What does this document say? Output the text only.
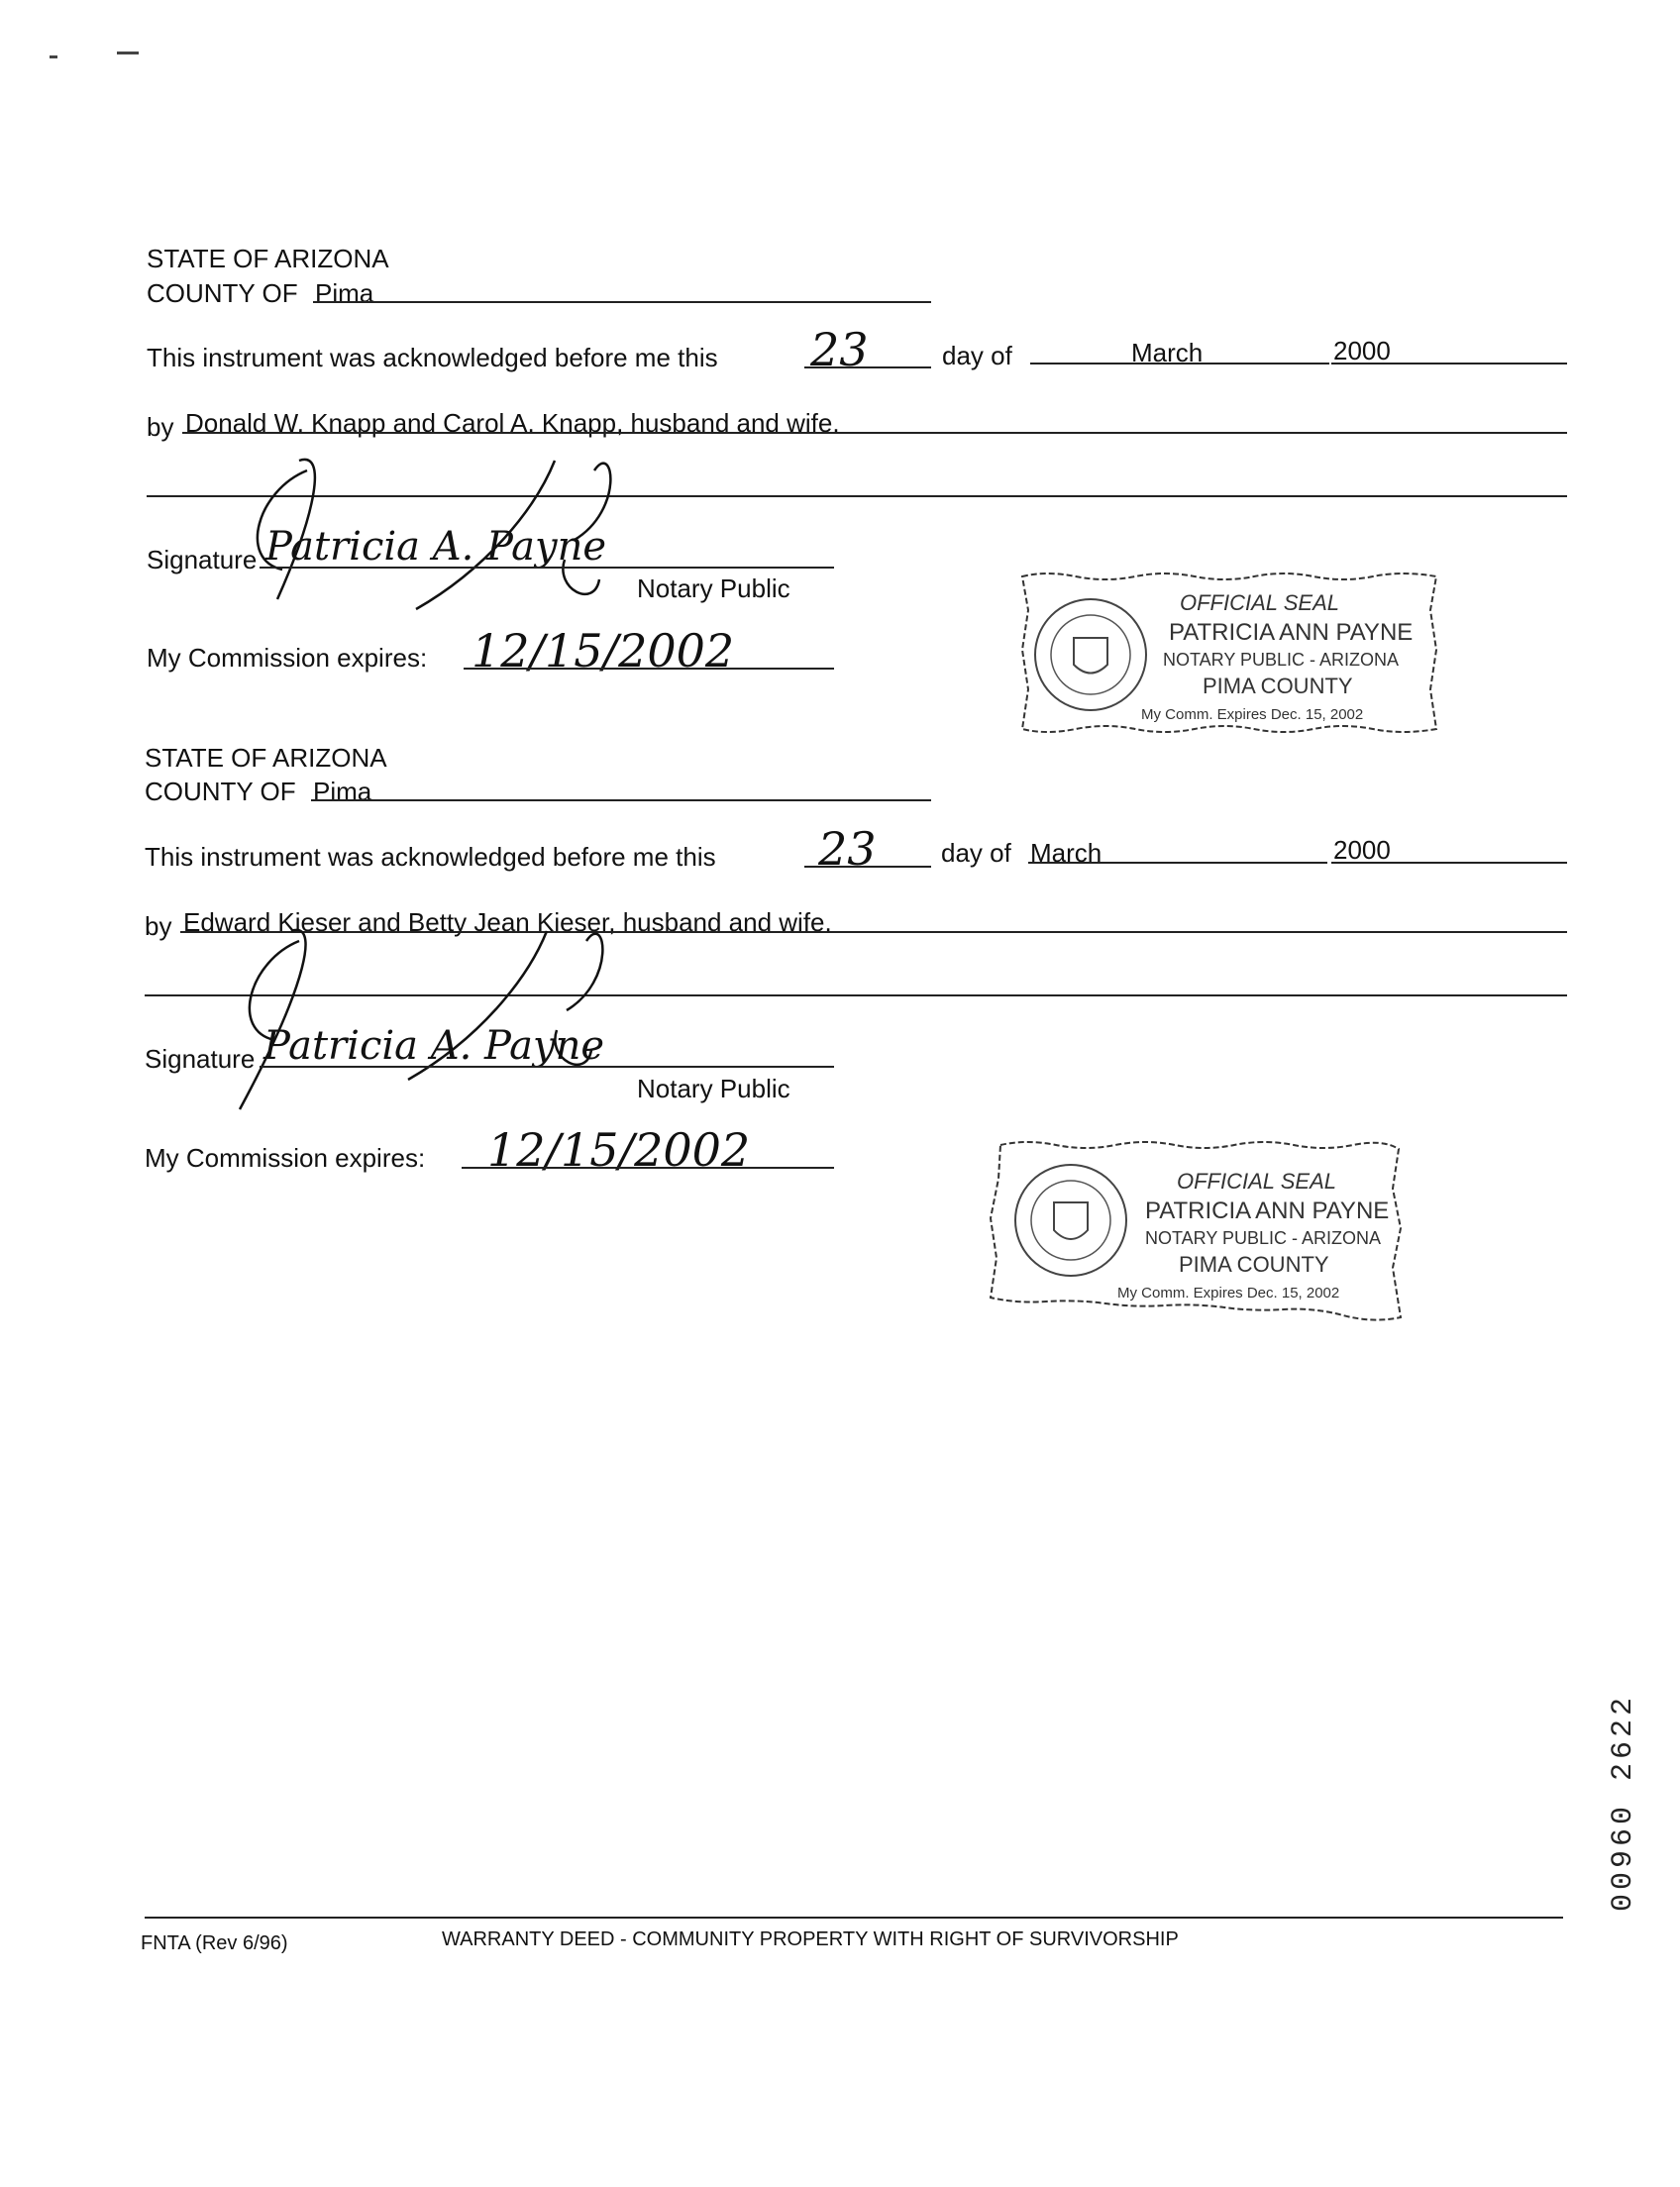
STATE OF ARIZONA
COUNTY OF Pima
This instrument was acknowledged before me this 23	day of	March	2000
by Donald W. Knapp and Carol A. Knapp, husband and wife.
Signature Patricia A. Payne
Notary Public
My Commission expires: 12/15/2002
OFFICIAL SEAL
PATRICIA ANN PAYNE
NOTARY PUBLIC - ARIZONA
PIMA COUNTY
My Comm. Expires Dec. 15, 2002
STATE OF ARIZONA
COUNTY OF Pima
This instrument was acknowledged before me this 23	day of March	2000
by Edward Kieser and Betty Jean Kieser, husband and wife.
Signature Patricia A. Payne
Notary Public
My Commission expires: 12/15/2002
OFFICIAL SEAL
PATRICIA ANN PAYNE
NOTARY PUBLIC - ARIZONA
PIMA COUNTY
My Comm. Expires Dec. 15, 2002
00960 2622
FNTA (Rev 6/96)	WARRANTY DEED - COMMUNITY PROPERTY WITH RIGHT OF SURVIVORSHIP
